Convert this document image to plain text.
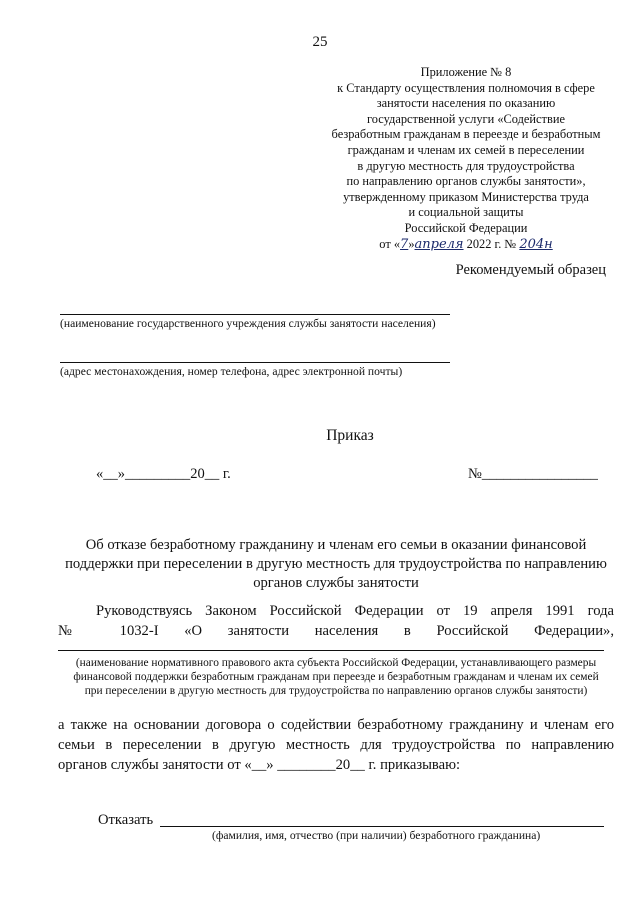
25
Приложение № 8
к Стандарту осуществления полномочия в сфере
занятости населения по оказанию
государственной услуги «Содействие
безработным гражданам в переезде и безработным
гражданам и членам их семей в переселении
в другую местность для трудоустройства
по направлению органов службы занятости»,
утвержденному приказом Министерства труда
и социальной защиты
Российской Федерации
от «7»апреля 2022 г. № 204н
Рекомендуемый образец
(наименование государственного учреждения службы занятости населения)
(адрес местонахождения, номер телефона, адрес электронной почты)
Приказ
«__»_________20__ г.	№________________
Об отказе безработному гражданину и членам его семьи в оказании финансовой поддержки при переселении в другую местность для трудоустройства по направлению органов службы занятости
Руководствуясь Законом Российской Федерации от 19 апреля 1991 года
№ 1032-I «О занятости населения в Российской Федерации»,
(наименование нормативного правового акта субъекта Российской Федерации, устанавливающего размеры
финансовой поддержки безработным гражданам при переезде и безработным гражданам и членам их семей
при переселении в другую местность для трудоустройства по направлению органов службы занятости)
а также на основании договора о содействии безработному гражданину и членам его
семьи в переселении в другую местность для трудоустройства по направлению
органов службы занятости от «__» ________20__ г. приказываю:
Отказать
(фамилия, имя, отчество (при наличии) безработного гражданина)
